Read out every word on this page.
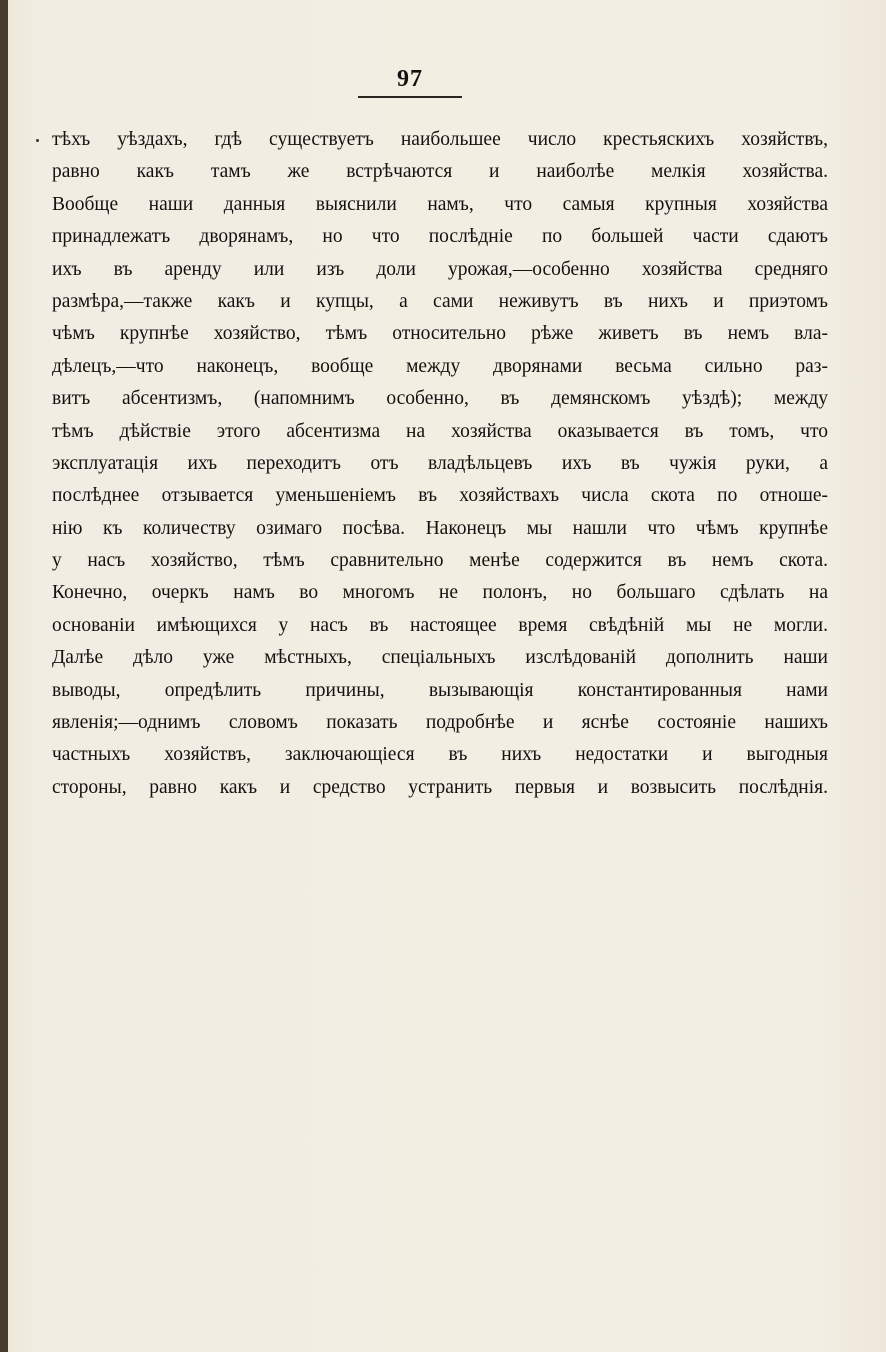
97
тѣхъ уѣздахъ, гдѣ существуетъ наибольшее число крестьяскихъ хозяйствъ,
равно какъ тамъ же встрѣчаются и наиболѣе мелкія хозяйства.
Вообще наши данныя выяснили намъ, что самыя крупныя хозяйства
принадлежатъ дворянамъ, но что послѣдніе по большей части сдаютъ
ихъ въ аренду или изъ доли урожая,—особенно хозяйства средняго
размѣра,—также какъ и купцы, а сами неживутъ въ нихъ и приэтомъ
чѣмъ крупнѣе хозяйство, тѣмъ относительно рѣже живетъ въ немъ вла-
дѣлецъ,—что наконецъ, вообще между дворянами весьма сильно раз-
витъ абсентизмъ, (напомнимъ особенно, въ демянскомъ уѣздѣ); между
тѣмъ дѣйствіе этого абсентизма на хозяйства оказывается въ томъ, что
эксплуатація ихъ переходитъ отъ владѣльцевъ ихъ въ чужія руки, а
послѣднее отзывается уменьшеніемъ въ хозяйствахъ числа скота по отноше-
нію къ количеству озимаго посѣва. Наконецъ мы нашли что чѣмъ крупнѣе
у насъ хозяйство, тѣмъ сравнительно менѣе содержится въ немъ скота.
Конечно, очеркъ намъ во многомъ не полонъ, но большаго сдѣлать на
основаніи имѣющихся у насъ въ настоящее время свѣдѣній мы не могли.
Далѣе дѣло уже мѣстныхъ, спеціальныхъ изслѣдованій дополнить наши
выводы, опредѣлить причины, вызывающія константированныя нами
явленія;—однимъ словомъ показать подробнѣе и яснѣе состояніе нашихъ
частныхъ хозяйствъ, заключающіеся въ нихъ недостатки и выгодныя
стороны, равно какъ и средство устранить первыя и возвысить послѣднія.
